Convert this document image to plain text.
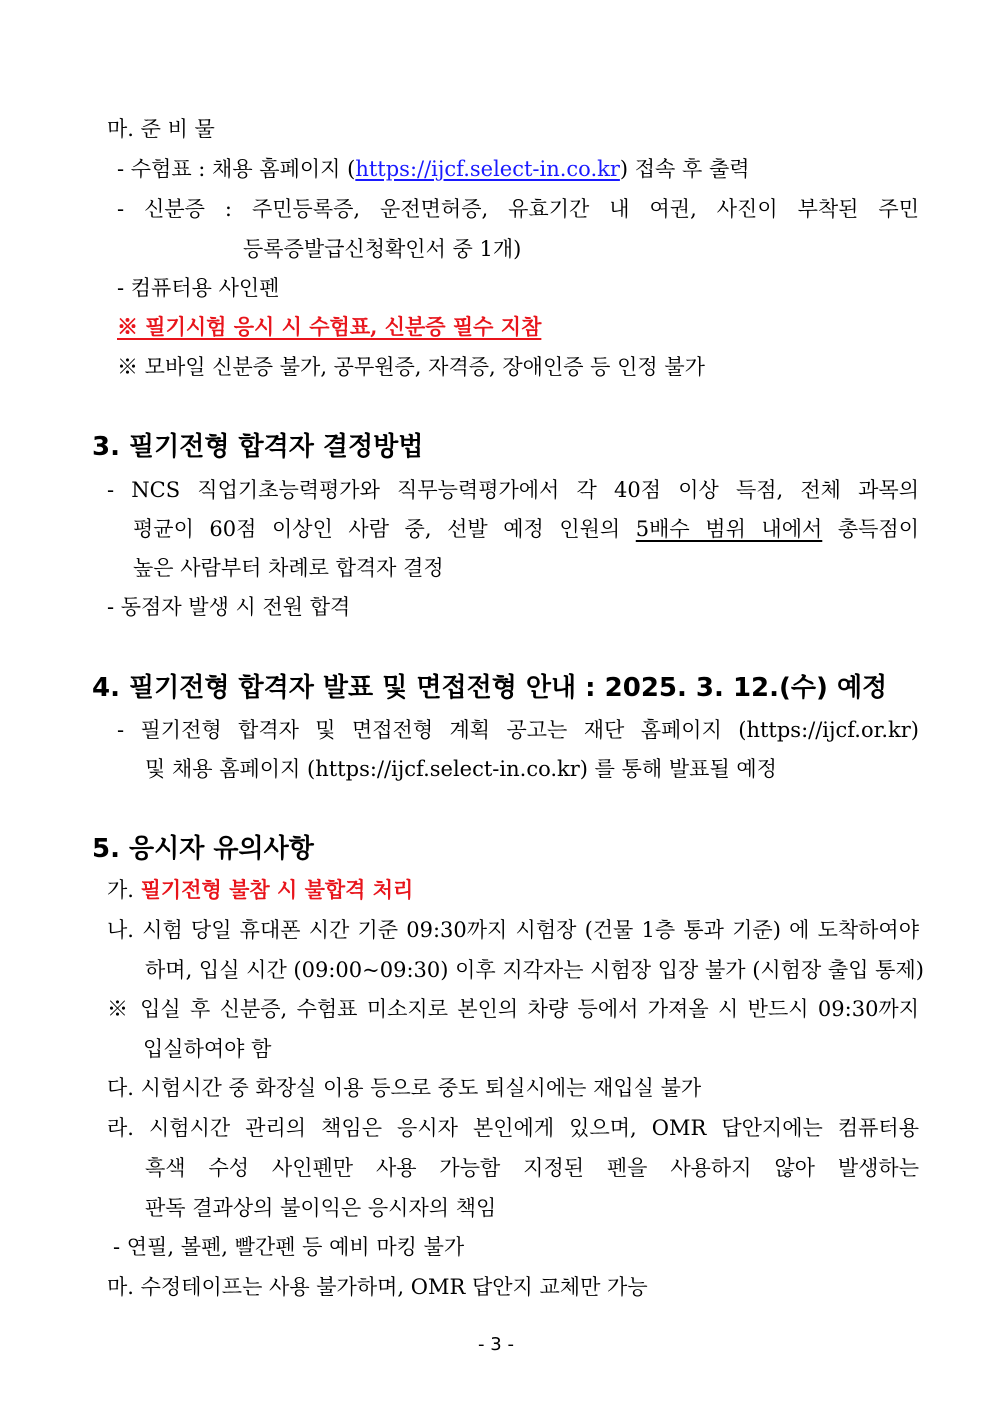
마. 준 비 물
- 수험표 : 채용 홈페이지 (https://ijcf.select-in.co.kr) 접속 후 출력
- 신분증 : 주민등록증, 운전면허증, 유효기간 내 여권, 사진이 부착된 주민
등록증발급신청확인서 중 1개)
- 컴퓨터용 사인펜
※ 필기시험 응시 시 수험표, 신분증 필수 지참
※ 모바일 신분증 불가, 공무원증, 자격증, 장애인증 등 인정 불가
3. 필기전형 합격자 결정방법
- NCS 직업기초능력평가와 직무능력평가에서 각 40점 이상 득점, 전체 과목의
평균이 60점 이상인 사람 중, 선발 예정 인원의 5배수 범위 내에서 총득점이
높은 사람부터 차례로 합격자 결정
- 동점자 발생 시 전원 합격
4. 필기전형 합격자 발표 및 면접전형 안내 : 2025. 3. 12.(수) 예정
- 필기전형 합격자 및 면접전형 계획 공고는 재단 홈페이지 (https://ijcf.or.kr)
및 채용 홈페이지 (https://ijcf.select-in.co.kr) 를 통해 발표될 예정
5. 응시자 유의사항
가. 필기전형 불참 시 불합격 처리
나. 시험 당일 휴대폰 시간 기준 09:30까지 시험장 (건물 1층 통과 기준) 에 도착하여야
하며, 입실 시간 (09:00~09:30) 이후 지각자는 시험장 입장 불가 (시험장 출입 통제)
※ 입실 후 신분증, 수험표 미소지로 본인의 차량 등에서 가져올 시 반드시 09:30까지
입실하여야 함
다. 시험시간 중 화장실 이용 등으로 중도 퇴실시에는 재입실 불가
라. 시험시간 관리의 책임은 응시자 본인에게 있으며, OMR 답안지에는 컴퓨터용
흑색 수성 사인펜만 사용 가능함 지정된 펜을 사용하지 않아 발생하는
판독 결과상의 불이익은 응시자의 책임
- 연필, 볼펜, 빨간펜 등 예비 마킹 불가
마. 수정테이프는 사용 불가하며, OMR 답안지 교체만 가능
- 3 -
